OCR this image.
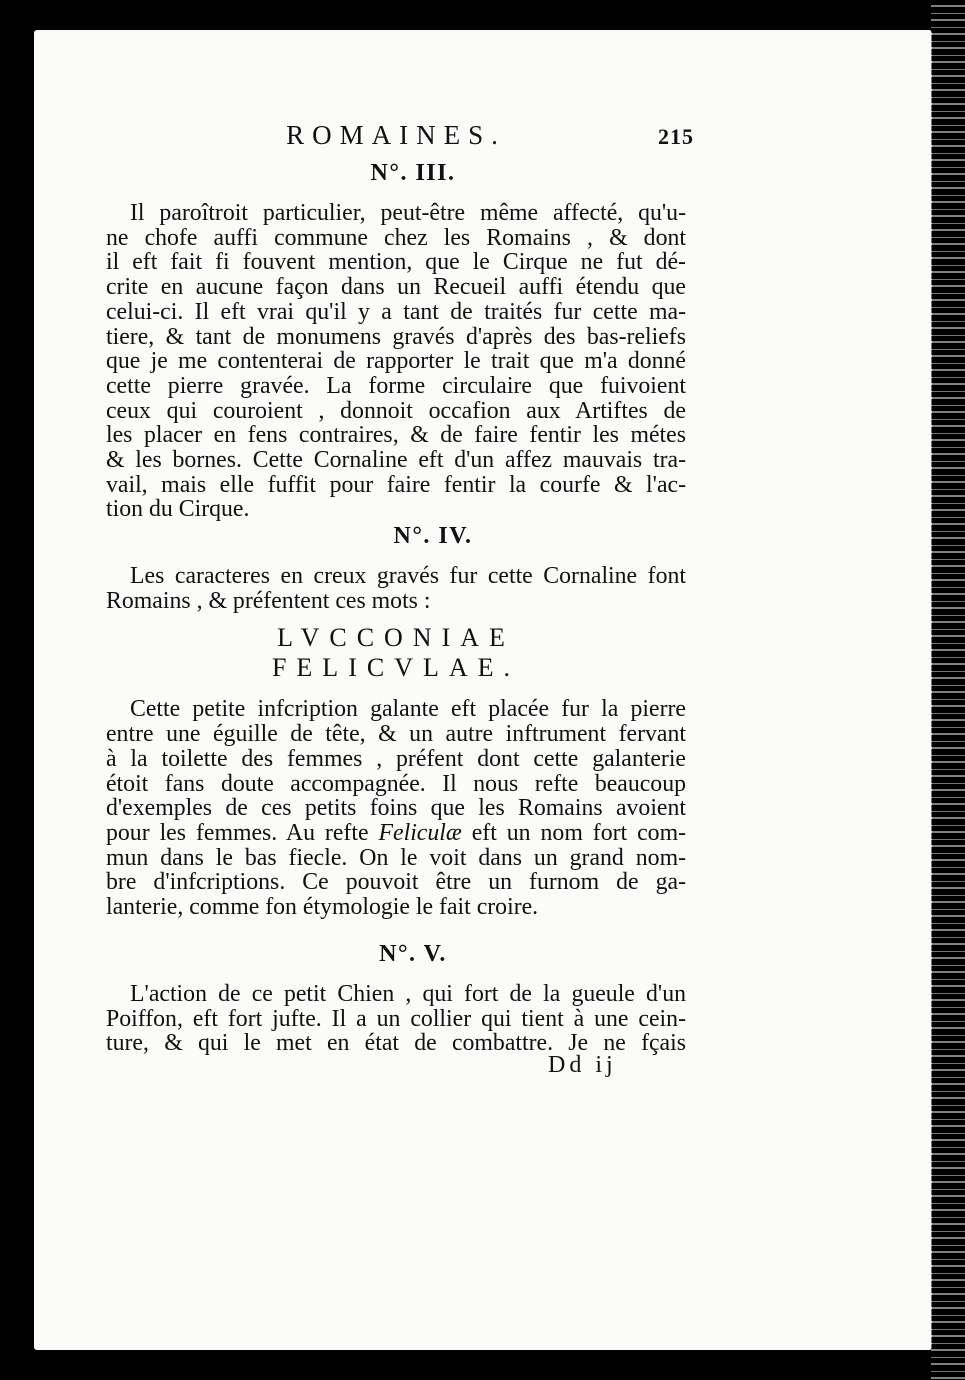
ROMAINES.	215
N°. III.

Il paroîtroit particulier, peut-être même affecté, qu'u-
ne chofe auffi commune chez les Romains , & dont
il eft fait fi fouvent mention, que le Cirque ne fut dé-
crite en aucune façon dans un Recueil auffi étendu que
celui-ci. Il eft vrai qu'il y a tant de traités fur cette ma-
tiere, & tant de monumens gravés d'après des bas-reliefs
que je me contenterai de rapporter le trait que m'a donné
cette pierre gravée. La forme circulaire que fuivoient
ceux qui couroient , donnoit occafion aux Artiftes de
les placer en fens contraires, & de faire fentir les métes
& les bornes. Cette Cornaline eft d'un affez mauvais tra-
vail, mais elle fuffit pour faire fentir la courfe & l'ac-
tion du Cirque.

N°. IV.

Les caracteres en creux gravés fur cette Cornaline font
Romains , & préfentent ces mots :

LVCCONIAE

FELICVLAE.

Cette petite infcription galante eft placée fur la pierre
entre une éguille de tête, & un autre inftrument fervant
à la toilette des femmes , préfent dont cette galanterie
étoit fans doute accompagnée. Il nous refte beaucoup
d'exemples de ces petits foins que les Romains avoient
pour les femmes. Au refte Feliculæ eft un nom fort com-
mun dans le bas fiecle. On le voit dans un grand nom-
bre d'infcriptions. Ce pouvoit être un furnom de ga-
lanterie, comme fon étymologie le fait croire.

N°. V.

L'action de ce petit Chien , qui fort de la gueule d'un
Poiffon, eft fort jufte. Il a un collier qui tient à une cein-
ture, & qui le met en état de combattre. Je ne fçais

Dd ij
